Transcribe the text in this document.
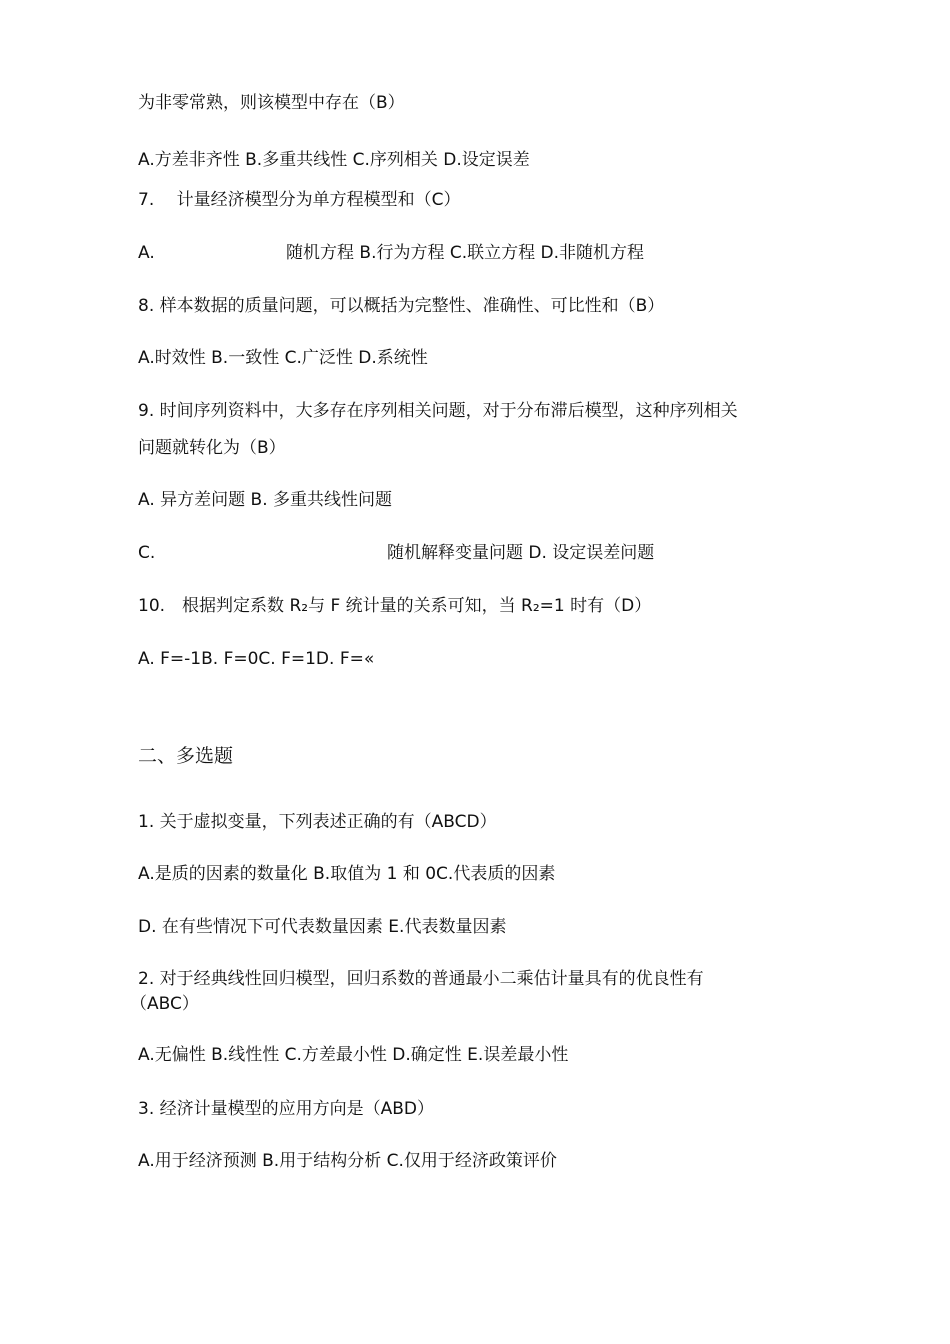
为非零常熟，则该模型中存在（B）
A.方差非齐性 B.多重共线性 C.序列相关 D.设定误差
7.　 计量经济模型分为单方程模型和（C）
A.	随机方程 B.行为方程 C.联立方程 D.非随机方程
8. 样本数据的质量问题，可以概括为完整性、准确性、可比性和（B）
A.时效性 B.一致性 C.广泛性 D.系统性
9. 时间序列资料中，大多存在序列相关问题，对于分布滞后模型，这种序列相关
问题就转化为（B）
A. 异方差问题 B. 多重共线性问题
C.	随机解释变量问题 D. 设定误差问题
10.　根据判定系数 R₂与 F 统计量的关系可知，当 R₂=1 时有（D）
A. F=-1B. F=0C. F=1D. F=«
二、多选题
1. 关于虚拟变量，下列表述正确的有（ABCD）
A.是质的因素的数量化 B.取值为 1 和 0C.代表质的因素
D. 在有些情况下可代表数量因素 E.代表数量因素
2. 对于经典线性回归模型，回归系数的普通最小二乘估计量具有的优良性有
（ABC）
A.无偏性 B.线性性 C.方差最小性 D.确定性 E.误差最小性
3. 经济计量模型的应用方向是（ABD）
A.用于经济预测 B.用于结构分析 C.仅用于经济政策评价
